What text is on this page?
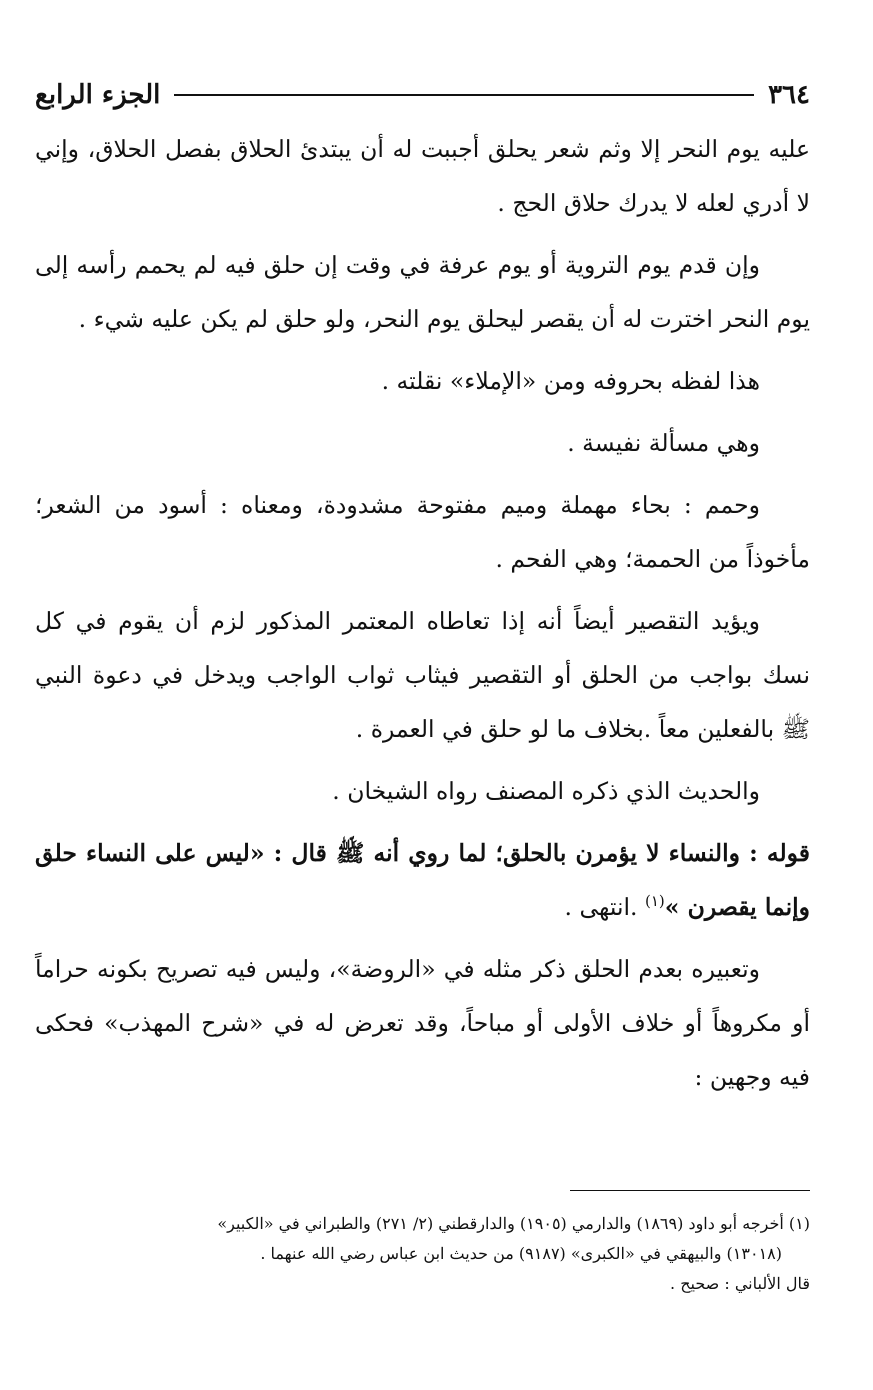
٣٦٤
الجزء الرابع

عليه يوم النحر إلا وثم شعر يحلق أجببت له أن يبتدئ الحلاق بفصل الحلاق، وإني لا أدري لعله لا يدرك حلاق الحج .

وإن قدم يوم التروية أو يوم عرفة في وقت إن حلق فيه لم يحمم رأسه إلى يوم النحر اخترت له أن يقصر ليحلق يوم النحر، ولو حلق لم يكن عليه شيء .

هذا لفظه بحروفه ومن «الإملاء» نقلته .

وهي مسألة نفيسة .

وحمم : بحاء مهملة وميم مفتوحة مشدودة، ومعناه : أسود من الشعر؛ مأخوذاً من الحممة؛ وهي الفحم .

ويؤيد التقصير أيضاً أنه إذا تعاطاه المعتمر المذكور لزم أن يقوم في كل نسك بواجب من الحلق أو التقصير فيثاب ثواب الواجب ويدخل في دعوة النبي ﷺ بالفعلين معاً .بخلاف ما لو حلق في العمرة .

والحديث الذي ذكره المصنف رواه الشيخان .

قوله : والنساء لا يؤمرن بالحلق؛ لما روي أنه ﷺ قال : «ليس على النساء حلق وإنما يقصرن »$^{(١)}$ .انتهى .

وتعبيره بعدم الحلق ذكر مثله في «الروضة»، وليس فيه تصريح بكونه حراماً أو مكروهاً أو خلاف الأولى أو مباحاً، وقد تعرض له في «شرح المهذب» فحكى فيه وجهين :

(١) أخرجه أبو داود (١٨٦٩) والدارمي (١٩٠٥) والدارقطني (٢/ ٢٧١) والطبراني في «الكبير»

(١٣٠١٨) والبيهقي في «الكبرى» (٩١٨٧) من حديث ابن عباس رضي الله عنهما .

قال الألباني : صحيح .
